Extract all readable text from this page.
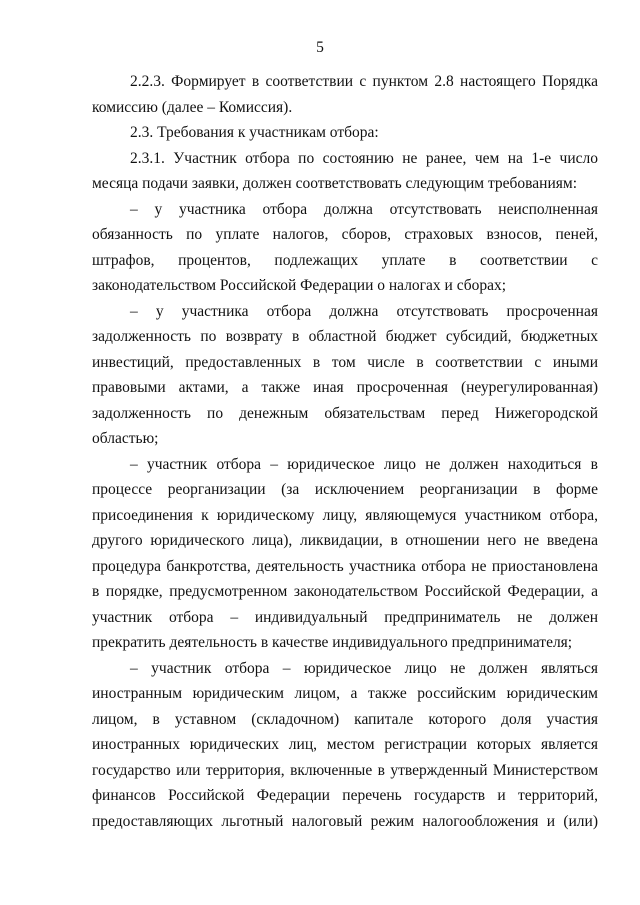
5

2.2.3. Формирует в соответствии с пунктом 2.8 настоящего Порядка комиссию (далее – Комиссия).

2.3. Требования к участникам отбора:

2.3.1. Участник отбора по состоянию не ранее, чем на 1-е число месяца подачи заявки, должен соответствовать следующим требованиям:

– у участника отбора должна отсутствовать неисполненная обязанность по уплате налогов, сборов, страховых взносов, пеней, штрафов, процентов, подлежащих уплате в соответствии с законодательством Российской Федерации о налогах и сборах;

– у участника отбора должна отсутствовать просроченная задолженность по возврату в областной бюджет субсидий, бюджетных инвестиций, предоставленных в том числе в соответствии с иными правовыми актами, а также иная просроченная (неурегулированная) задолженность по денежным обязательствам перед Нижегородской областью;

– участник отбора – юридическое лицо не должен находиться в процессе реорганизации (за исключением реорганизации в форме присоединения к юридическому лицу, являющемуся участником отбора, другого юридического лица), ликвидации, в отношении него не введена процедура банкротства, деятельность участника отбора не приостановлена в порядке, предусмотренном законодательством Российской Федерации, а участник отбора – индивидуальный предприниматель не должен прекратить деятельность в качестве индивидуального предпринимателя;

– участник отбора – юридическое лицо не должен являться иностранным юридическим лицом, а также российским юридическим лицом, в уставном (складочном) капитале которого доля участия иностранных юридических лиц, местом регистрации которых является государство или территория, включенные в утвержденный Министерством финансов Российской Федерации перечень государств и территорий, предоставляющих льготный налоговый режим налогообложения и (или)
